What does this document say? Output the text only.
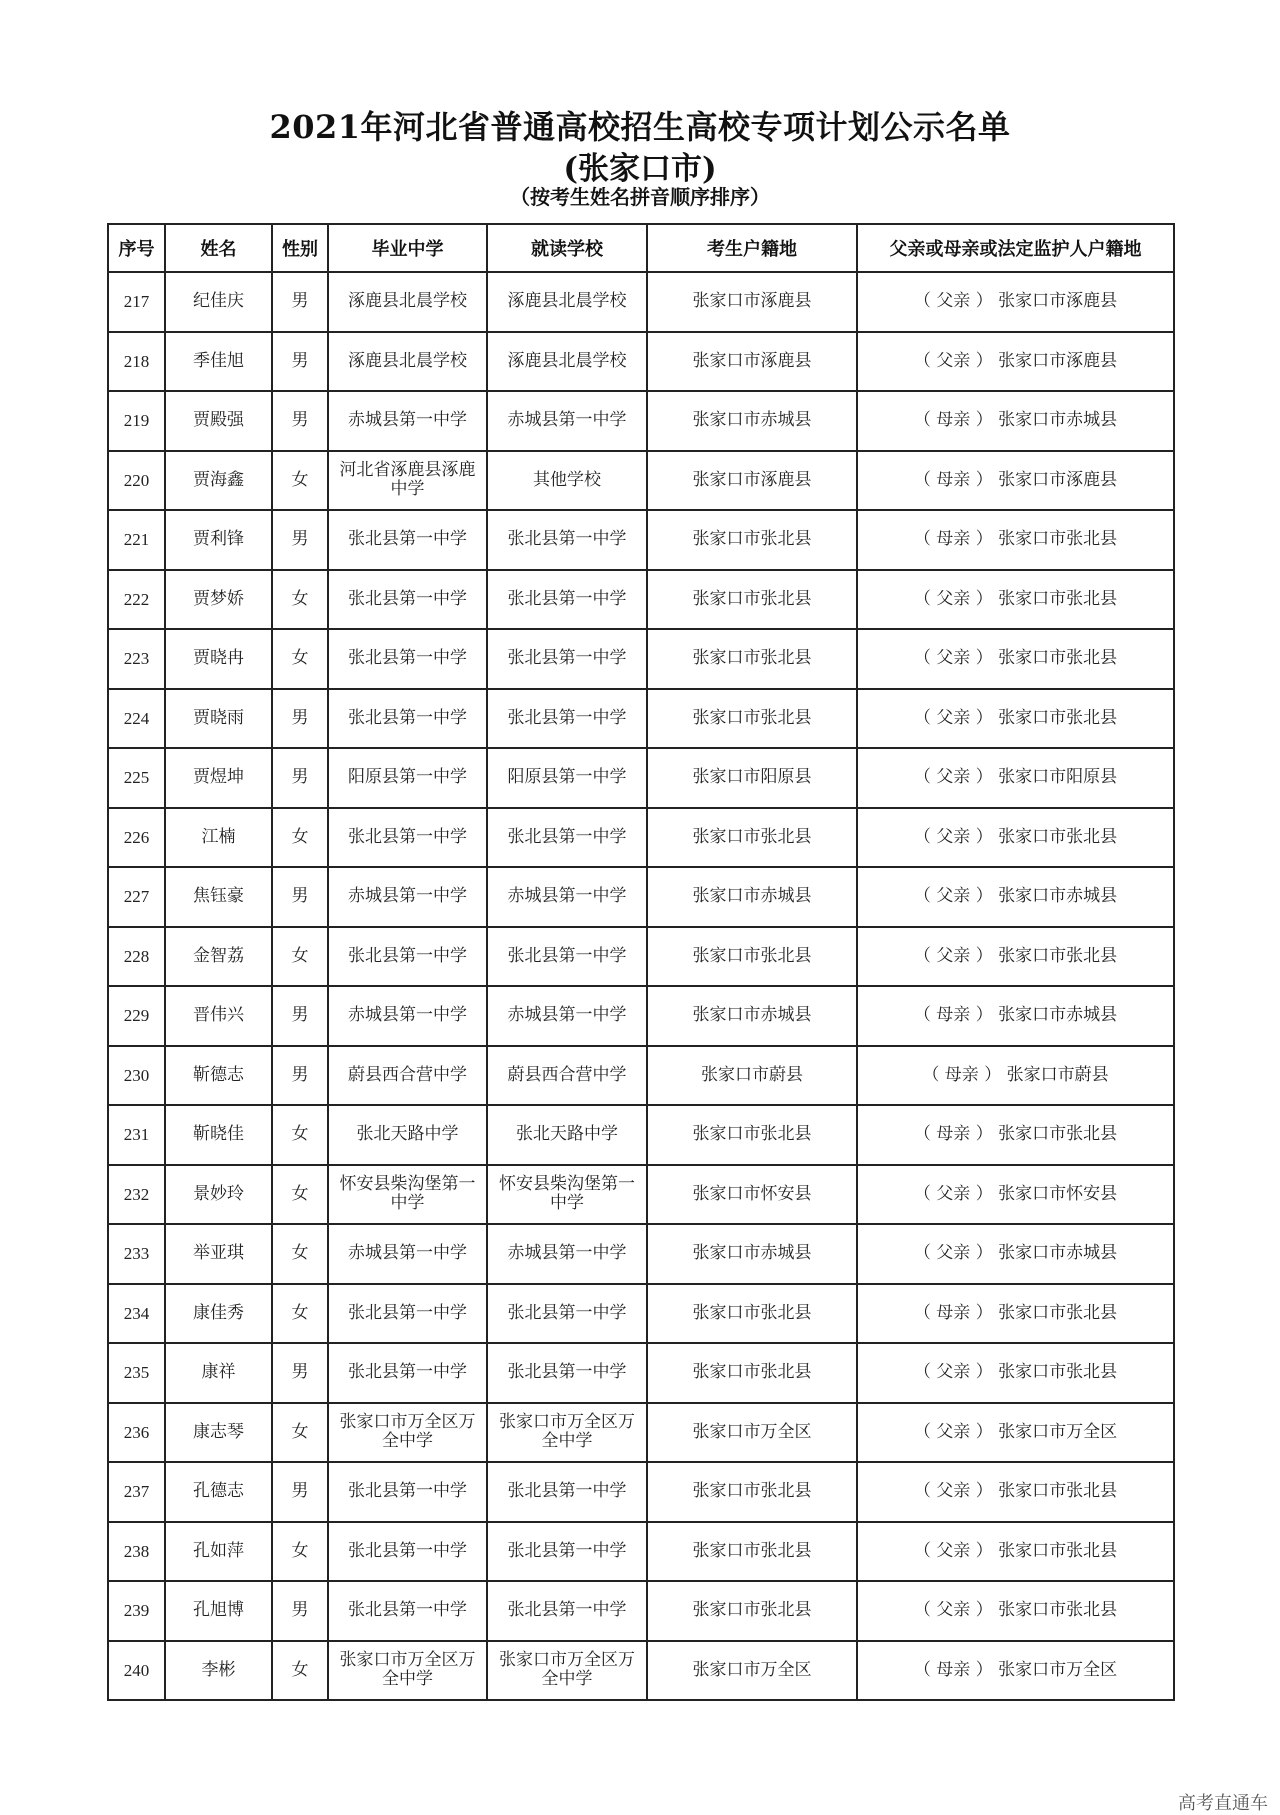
2021年河北省普通高校招生高校专项计划公示名单
(张家口市)
（按考生姓名拼音顺序排序）
序号	姓名	性别	毕业中学	就读学校	考生户籍地	父亲或母亲或法定监护人户籍地
217	纪佳庆	男	涿鹿县北晨学校	涿鹿县北晨学校	张家口市涿鹿县	（ 父亲 ） 张家口市涿鹿县
218	季佳旭	男	涿鹿县北晨学校	涿鹿县北晨学校	张家口市涿鹿县	（ 父亲 ） 张家口市涿鹿县
219	贾殿强	男	赤城县第一中学	赤城县第一中学	张家口市赤城县	（ 母亲 ） 张家口市赤城县
220	贾海鑫	女	河北省涿鹿县涿鹿中学	其他学校	张家口市涿鹿县	（ 母亲 ） 张家口市涿鹿县
221	贾利锋	男	张北县第一中学	张北县第一中学	张家口市张北县	（ 母亲 ） 张家口市张北县
222	贾梦娇	女	张北县第一中学	张北县第一中学	张家口市张北县	（ 父亲 ） 张家口市张北县
223	贾晓冉	女	张北县第一中学	张北县第一中学	张家口市张北县	（ 父亲 ） 张家口市张北县
224	贾晓雨	男	张北县第一中学	张北县第一中学	张家口市张北县	（ 父亲 ） 张家口市张北县
225	贾煜坤	男	阳原县第一中学	阳原县第一中学	张家口市阳原县	（ 父亲 ） 张家口市阳原县
226	江楠	女	张北县第一中学	张北县第一中学	张家口市张北县	（ 父亲 ） 张家口市张北县
227	焦钰豪	男	赤城县第一中学	赤城县第一中学	张家口市赤城县	（ 父亲 ） 张家口市赤城县
228	金智荔	女	张北县第一中学	张北县第一中学	张家口市张北县	（ 父亲 ） 张家口市张北县
229	晋伟兴	男	赤城县第一中学	赤城县第一中学	张家口市赤城县	（ 母亲 ） 张家口市赤城县
230	靳德志	男	蔚县西合营中学	蔚县西合营中学	张家口市蔚县	（ 母亲 ） 张家口市蔚县
231	靳晓佳	女	张北天路中学	张北天路中学	张家口市张北县	（ 母亲 ） 张家口市张北县
232	景妙玲	女	怀安县柴沟堡第一中学	怀安县柴沟堡第一中学	张家口市怀安县	（ 父亲 ） 张家口市怀安县
233	举亚琪	女	赤城县第一中学	赤城县第一中学	张家口市赤城县	（ 父亲 ） 张家口市赤城县
234	康佳秀	女	张北县第一中学	张北县第一中学	张家口市张北县	（ 母亲 ） 张家口市张北县
235	康祥	男	张北县第一中学	张北县第一中学	张家口市张北县	（ 父亲 ） 张家口市张北县
236	康志琴	女	张家口市万全区万全中学	张家口市万全区万全中学	张家口市万全区	（ 父亲 ） 张家口市万全区
237	孔德志	男	张北县第一中学	张北县第一中学	张家口市张北县	（ 父亲 ） 张家口市张北县
238	孔如萍	女	张北县第一中学	张北县第一中学	张家口市张北县	（ 父亲 ） 张家口市张北县
239	孔旭博	男	张北县第一中学	张北县第一中学	张家口市张北县	（ 父亲 ） 张家口市张北县
240	李彬	女	张家口市万全区万全中学	张家口市万全区万全中学	张家口市万全区	（ 母亲 ） 张家口市万全区
高考直通车
